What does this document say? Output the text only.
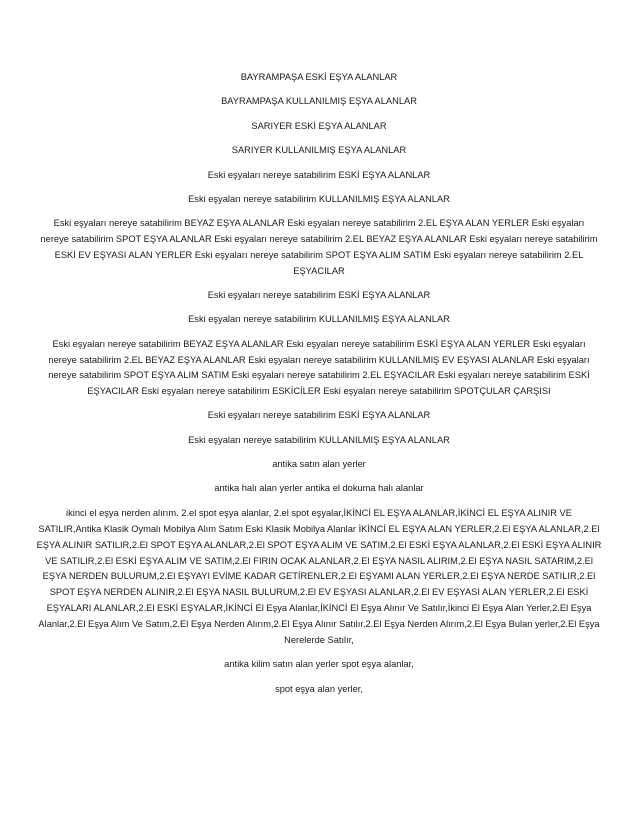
BAYRAMPAŞA ESKİ EŞYA ALANLAR

BAYRAMPAŞA KULLANILMIŞ EŞYA ALANLAR

SARIYER ESKİ EŞYA ALANLAR

SARIYER KULLANILMIŞ EŞYA ALANLAR

Eski eşyaları nereye satabilirim ESKİ EŞYA ALANLAR

Eski eşyaları nereye satabilirim KULLANILMIŞ EŞYA ALANLAR

Eski eşyaları nereye satabilirim BEYAZ EŞYA ALANLAR Eski eşyaları nereye satabilirim 2.EL EŞYA ALAN YERLER Eski eşyaları nereye satabilirim SPOT EŞYA ALANLAR Eski eşyaları nereye satabilirim 2.EL BEYAZ EŞYA ALANLAR Eski eşyaları nereye satabilirim ESKİ EV EŞYASI ALAN YERLER Eski eşyaları nereye satabilirim SPOT EŞYA ALIM SATIM Eski eşyaları nereye satabilirim 2.EL EŞYACILAR

Eski eşyaları nereye satabilirim ESKİ EŞYA ALANLAR

Eski eşyaları nereye satabilirim KULLANILMIŞ EŞYA ALANLAR

Eski eşyaları nereye satabilirim BEYAZ EŞYA ALANLAR Eski eşyaları nereye satabilirim ESKİ EŞYA ALAN YERLER Eski eşyaları nereye satabilirim 2.EL BEYAZ EŞYA ALANLAR Eski eşyaları nereye satabilirim KULLANILMIŞ EV EŞYASI ALANLAR Eski eşyaları nereye satabilirim SPOT EŞYA ALIM SATIM Eski eşyaları nereye satabilirim 2.EL EŞYACILAR Eski eşyaları nereye satabilirim ESKİ EŞYACILAR Eski eşyaları nereye satabilirim ESKİCİLER Eski eşyaları nereye satabilirim SPOTÇULAR ÇARŞISI

Eski eşyaları nereye satabilirim ESKİ EŞYA ALANLAR

Eski eşyaları nereye satabilirim KULLANILMIŞ EŞYA ALANLAR

antika satın alan yerler

antika halı alan yerler antika el dokuma halı alanlar

ikinci el eşya nerden alırım. 2.el spot eşya alanlar, 2.el spot eşyalar,İKİNCİ EL EŞYA ALANLAR,İKİNCİ EL EŞYA ALINIR VE SATILIR,Antika Klasik Oymalı Mobilya Alım Satım Eski Klasik Mobilya Alanlar İKİNCİ EL EŞYA ALAN YERLER,2.El EŞYA ALANLAR,2.El EŞYA ALINIR SATILIR,2.El SPOT EŞYA ALANLAR,2.El SPOT EŞYA ALIM VE SATIM,2.El ESKİ EŞYA ALANLAR,2.El ESKİ EŞYA ALINIR VE SATILIR,2.El ESKİ EŞYA ALIM VE SATIM,2.El FIRIN OCAK ALANLAR,2.El EŞYA NASIL ALIRIM,2.El EŞYA NASIL SATARIM,2.El EŞYA NERDEN BULURUM,2.El EŞYAYI EVİME KADAR GETİRENLER,2.El EŞYAMI ALAN YERLER,2.El EŞYA NERDE SATILIR,2.El SPOT EŞYA NERDEN ALINIR,2.El EŞYA NASIL BULURUM,2.El EV EŞYASI ALANLAR,2.El EV EŞYASI ALAN YERLER,2.El ESKİ EŞYALARI ALANLAR,2.El ESKİ EŞYALAR,İKİNCİ El Eşya Alanlar,İKİNCİ El Eşya Alınır Ve Satılır,İkinci El Eşya Alan Yerler,2.El Eşya Alanlar,2.El Eşya Alım Ve Satım,2.El Eşya Nerden Alırım,2.El Eşya Alınır Satılır,2.El Eşya Nerden Alırım,2.El Eşya Bulan yerler,2.El Eşya Nerelerde Satılır,

antika kilim satın alan yerler spot eşya alanlar,

spot eşya alan yerler,
